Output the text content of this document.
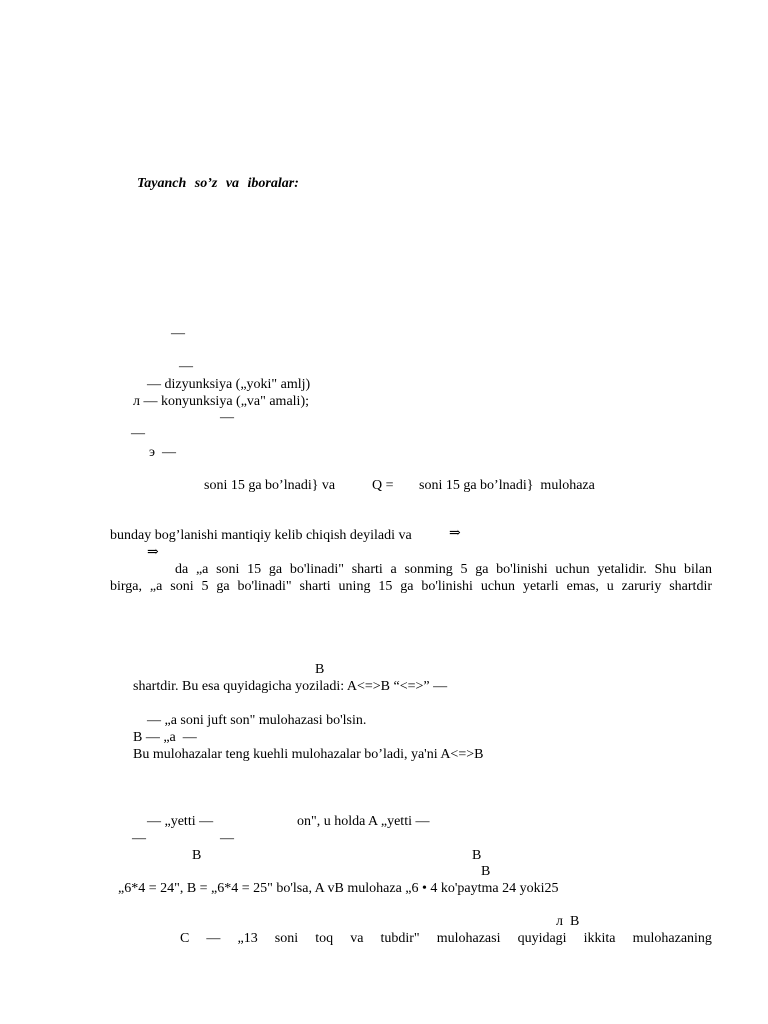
Tayanch so’z va iboralar:
—
—
— dizyunksiya („yoki" amlj)
л — konyunksiya („va" amali);
—
—
э  —
soni 15 ga bo’lnadi} va	Q = soni 15 ga bo’lnadi}  mulohaza
bunday bog’lanishi mantiqiy kelib chiqish deyiladi va	⇒
⇒
da „a soni 15 ga bo'linadi" sharti a sonming 5 ga bo'linishi uchun yetalidir. Shu bilan
birga, „a soni 5 ga bo'linadi" sharti uning 15 ga bo'linishi uchun yetarli emas, u zaruriy shartdir
B
shartdir. Bu esa quyidagicha yoziladi: A<=>B “<=>” —
— „a soni juft son" mulohazasi bo'lsin.
B — „a  —
Bu mulohazalar teng kuehli mulohazalar bo’ladi, ya'ni A<=>B
— „yetti —	on", u holda A „yetti —
—	—
B	B
B
„6*4 = 24", B = „6*4 = 25" bo'lsa, A vB mulohaza „6 • 4 ko'paytma 24 yoki25
л  B
C — „13 soni toq va tubdir" mulohazasi quyidagi ikkita mulohazaning
